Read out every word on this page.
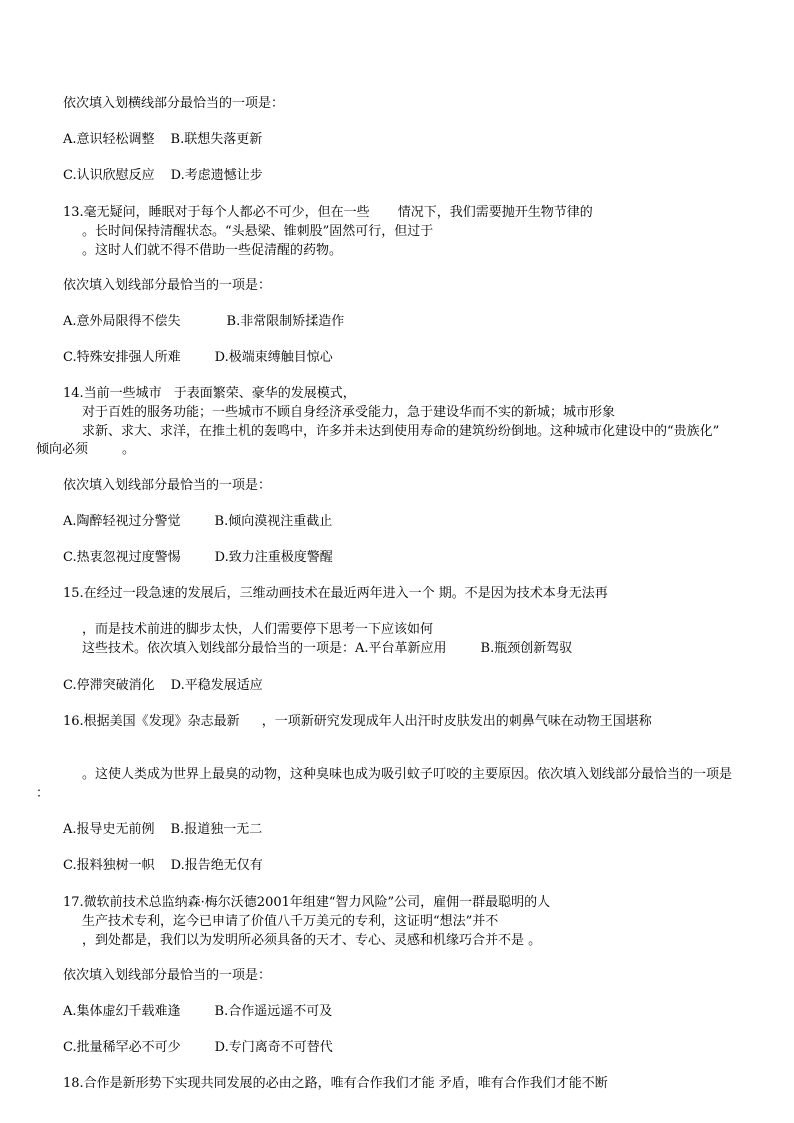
依次填入划横线部分最恰当的一项是：
A.意识轻松调整 B.联想失落更新
C.认识欣慰反应 D.考虑遗憾让步
13.毫无疑问，睡眠对于每个人都必不可少，但在一些 情况下，我们需要抛开生物节律的
。长时间保持清醒状态。“头悬梁、锥刺股”固然可行，但过于
。这时人们就不得不借助一些促清醒的药物。
依次填入划线部分最恰当的一项是：
A.意外局限得不偿失	B.非常限制矫揉造作
C.特殊安排强人所难	D.极端束缚触目惊心
14.当前一些城市 于表面繁荣、豪华的发展模式，
对于百姓的服务功能；一些城市不顾自身经济承受能力，急于建设华而不实的新城；城市形象
求新、求大、求洋，在推土机的轰鸣中，许多并未达到使用寿命的建筑纷纷倒地。这种城市化建设中的“贵族化”
倾向必须	。
依次填入划线部分最恰当的一项是：
A.陶醉轻视过分警觉	B.倾向漠视注重截止
C.热衷忽视过度警惕	D.致力注重极度警醒
15.在经过一段急速的发展后，三维动画技术在最近两年进入一个 期。不是因为技术本身无法再
，而是技术前进的脚步太快，人们需要停下思考一下应该如何
这些技术。依次填入划线部分最恰当的一项是：A.平台革新应用	B.瓶颈创新驾驭
C.停滞突破消化 D.平稳发展适应
16.根据美国《发现》杂志最新 ，一项新研究发现成年人出汗时皮肤发出的刺鼻气味在动物王国堪称
。这使人类成为世界上最臭的动物，这种臭味也成为吸引蚊子叮咬的主要原因。依次填入划线部分最恰当的一项是
：
A.报导史无前例 B.报道独一无二
C.报料独树一帜 D.报告绝无仅有
17.微软前技术总监纳森·梅尔沃德2001年组建“智力风险”公司，雇佣一群最聪明的人
生产技术专利，迄今已申请了价值八千万美元的专利，这证明“想法”并不
，到处都是，我们以为发明所必须具备的天才、专心、灵感和机缘巧合并不是 。
依次填入划线部分最恰当的一项是：
A.集体虚幻千载难逢	B.合作遥远遥不可及
C.批量稀罕必不可少	D.专门离奇不可替代
18.合作是新形势下实现共同发展的必由之路，唯有合作我们才能 矛盾，唯有合作我们才能不断
